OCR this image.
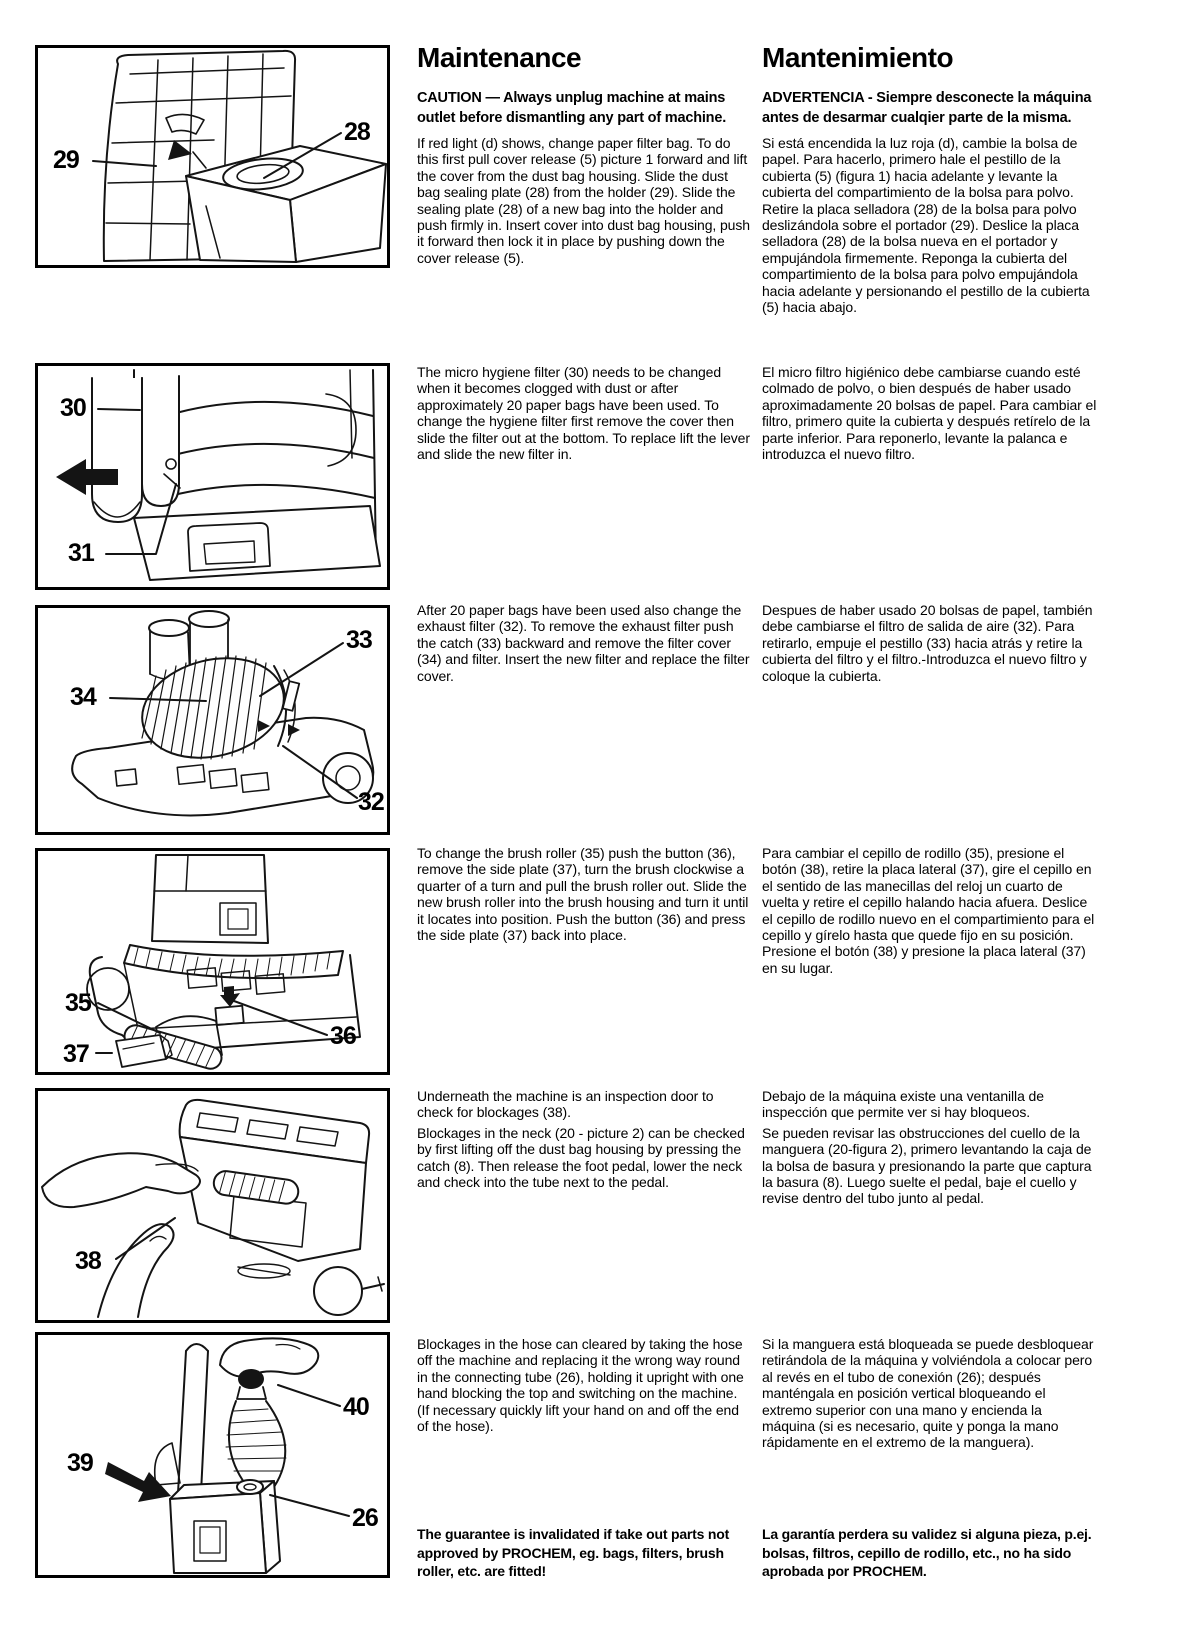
29
28
30
31
33
34
32
35
36
37
38
40
39
26
Maintenance
CAUTION — Always unplug machine at mains outlet before dismantling any part of machine.

If red light (d) shows, change paper filter bag. To do this first pull cover release (5) picture 1 forward and lift the cover from the dust bag housing. Slide the dust bag sealing plate (28) from the holder (29). Slide the sealing plate (28) of a new bag into the holder and push firmly in. Insert cover into dust bag housing, push it forward then lock it in place by pushing down the cover release (5).

The micro hygiene filter (30) needs to be changed when it becomes clogged with dust or after approximately 20 paper bags have been used. To change the hygiene filter first remove the cover then slide the filter out at the bottom. To replace lift the lever and slide the new filter in.

After 20 paper bags have been used also change the exhaust filter (32). To remove the exhaust filter push the catch (33) backward and remove the filter cover (34) and filter. Insert the new filter and replace the filter cover.

To change the brush roller (35) push the button (36), remove the side plate (37), turn the brush clockwise a quarter of a turn and pull the brush roller out. Slide the new brush roller into the brush housing and turn it until it locates into position. Push the button (36) and press the side plate (37) back into place.

Underneath the machine is an inspection door to check for blockages (38).

Blockages in the neck (20 - picture 2) can be checked by first lifting off the dust bag housing by pressing the catch (8). Then release the foot pedal, lower the neck and check into the tube next to the pedal.

Blockages in the hose can cleared by taking the hose off the machine and replacing it the wrong way round in the connecting tube (26), holding it upright with one hand blocking the top and switching on the machine. (If necessary quickly lift your hand on and off the end of the hose).

The guarantee is invalidated if take out parts not approved by PROCHEM, eg. bags, filters, brush roller, etc. are fitted!
Mantenimiento
ADVERTENCIA - Siempre desconecte la máquina antes de desarmar cualqier parte de la misma.

Si está encendida la luz roja (d), cambie la bolsa de papel. Para hacerlo, primero hale el pestillo de la cubierta (5) (figura 1) hacia adelante y levante la cubierta del compartimiento de la bolsa para polvo. Retire la placa selladora (28) de la bolsa para polvo deslizándola sobre el portador (29). Deslice la placa selladora (28) de la bolsa nueva en el portador y empujándola firmemente. Reponga la cubierta del compartimiento de la bolsa para polvo empujándola hacia adelante y persionando el pestillo de la cubierta (5) hacia abajo.

El micro filtro higiénico debe cambiarse cuando esté colmado de polvo, o bien después de haber usado aproximadamente 20 bolsas de papel. Para cambiar el filtro, primero quite la cubierta y después retírelo de la parte inferior. Para reponerlo, levante la palanca e introduzca el nuevo filtro.

Despues de haber usado 20 bolsas de papel, también debe cambiarse el filtro de salida de aire (32). Para retirarlo, empuje el pestillo (33) hacia atrás y retire la cubierta del filtro y el filtro.-Introduzca el nuevo filtro y coloque la cubierta.

Para cambiar el cepillo de rodillo (35), presione el botón (38), retire la placa lateral (37), gire el cepillo en el sentido de las manecillas del reloj un cuarto de vuelta y retire el cepillo halando hacia afuera. Deslice el cepillo de rodillo nuevo en el compartimiento para el cepillo y gírelo hasta que quede fijo en su posición. Presione el botón (38) y presione la placa lateral (37) en su lugar.

Debajo de la máquina existe una ventanilla de inspección que permite ver si hay bloqueos.

Se pueden revisar las obstrucciones del cuello de la manguera (20-figura 2), primero levantando la caja de la bolsa de basura y presionando la parte que captura la basura (8). Luego suelte el pedal, baje el cuello y revise dentro del tubo junto al pedal.

Si la manguera está bloqueada se puede desbloquear retirándola de la máquina y volviéndola a colocar pero al revés en el tubo de conexión (26); después manténgala en posición vertical bloqueando el extremo superior con una mano y encienda la máquina (si es necesario, quite y ponga la mano rápidamente en el extremo de la manguera).

La garantía perdera su validez si alguna pieza, p.ej. bolsas, filtros, cepillo de rodillo, etc., no ha sido aprobada por PROCHEM.
